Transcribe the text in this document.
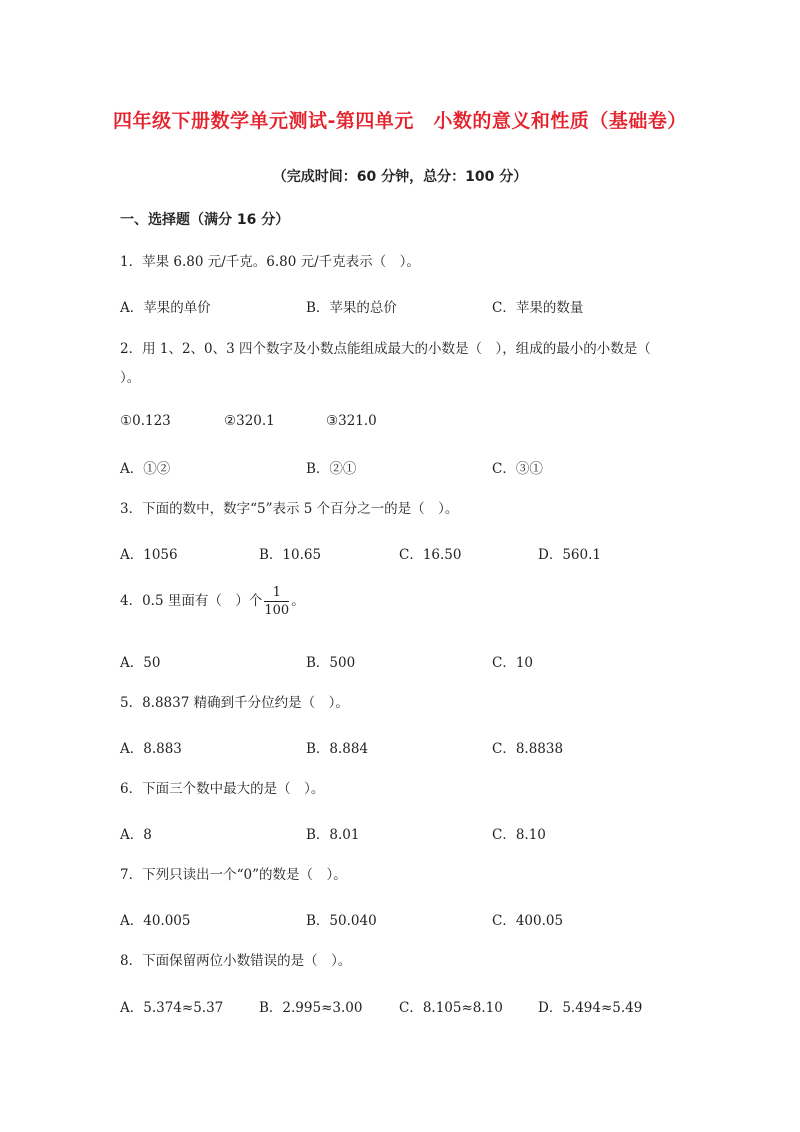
四年级下册数学单元测试-第四单元　小数的意义和性质（基础卷）
（完成时间：60 分钟，总分：100 分）
一、选择题（满分 16 分）
1．苹果 6.80 元/千克。6.80 元/千克表示（　）。
A．苹果的单价	B．苹果的总价	C．苹果的数量
2．用 1、2、0、3 四个数字及小数点能组成最大的小数是（　），组成的最小的小数是（
）。
①0.123	②320.1	③321.0
A．①②	B．②①	C．③①
3．下面的数中，数字“5”表示 5 个百分之一的是（　）。
A．1056	B．10.65	C．16.50	D．560.1
4．0.5 里面有（　）个 $\frac{1}{100}$ 。
A．50	B．500	C．10
5．8.8837 精确到千分位约是（　）。
A．8.883	B．8.884	C．8.8838
6．下面三个数中最大的是（　）。
A．8	B．8.01	C．8.10
7．下列只读出一个“0”的数是（　）。
A．40.005	B．50.040	C．400.05
8．下面保留两位小数错误的是（　）。
A．5.374≈5.37	B．2.995≈3.00	C．8.105≈8.10	D．5.494≈5.49
